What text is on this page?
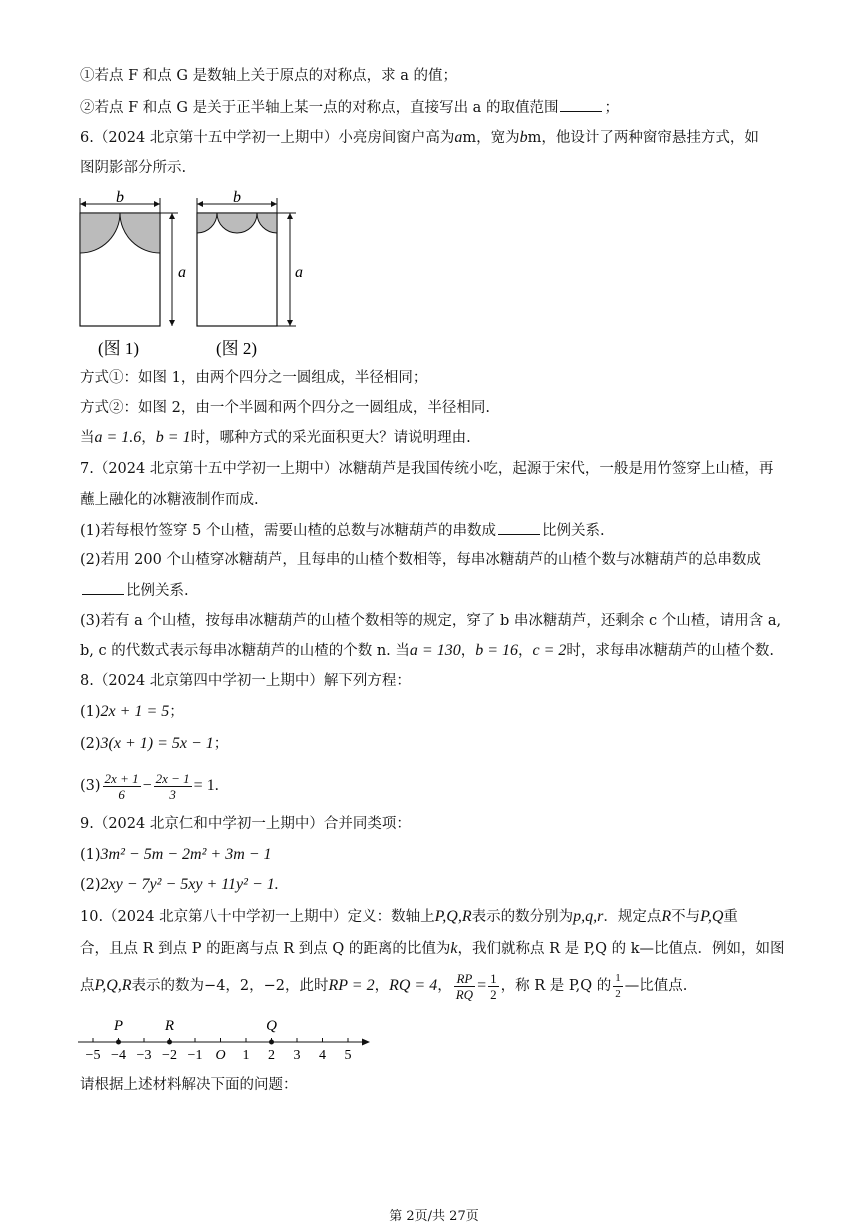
①若点 F 和点 G 是数轴上关于原点的对称点，求 a 的值；
②若点 F 和点 G 是关于正半轴上某一点的对称点，直接写出 a 的取值范围	；
6.（2024 北京第十五中学初一上期中）小亮房间窗户高为am，宽为bm，他设计了两种窗帘悬挂方式，如
图阴影部分所示.
b
a
(图 1)
b
a
(图 2)
方式①：如图 1，由两个四分之一圆组成，半径相同；
方式②：如图 2，由一个半圆和两个四分之一圆组成，半径相同.
当a = 1.6，b = 1时，哪种方式的采光面积更大？请说明理由.
7.（2024 北京第十五中学初一上期中）冰糖葫芦是我国传统小吃，起源于宋代，一般是用竹签穿上山楂，再
蘸上融化的冰糖液制作而成.
(1)若每根竹签穿 5 个山楂，需要山楂的总数与冰糖葫芦的串数成	比例关系.
(2)若用 200 个山楂穿冰糖葫芦，且每串的山楂个数相等，每串冰糖葫芦的山楂个数与冰糖葫芦的总串数成
比例关系.
(3)若有 a 个山楂，按每串冰糖葫芦的山楂个数相等的规定，穿了 b 串冰糖葫芦，还剩余 c 个山楂，请用含 a,
b, c 的代数式表示每串冰糖葫芦的山楂的个数 n. 当a = 130，b = 16，c = 2时，求每串冰糖葫芦的山楂个数.
8.（2024 北京第四中学初一上期中）解下列方程：
(1)2x + 1 = 5；
(2)3(x + 1) = 5x − 1；
$(3) \frac{2x + 1}{6} - \frac{2x - 1}{3} = 1$.
9.（2024 北京仁和中学初一上期中）合并同类项：
(1)3m² − 5m − 2m² + 3m − 1
(2)2xy − 7y² − 5xy + 11y² − 1.
10.（2024 北京第八十中学初一上期中）定义：数轴上P,Q,R表示的数分别为p,q,r．规定点R不与P,Q重
合，且点 R 到点 P 的距离与点 R 到点 Q 的距离的比值为k，我们就称点 R 是 P,Q 的 k—比值点．例如，如图
点P,Q,R表示的数为−4，2，−2，此时RP = 2，RQ = 4， $\frac{RP}{RQ} = \frac{1}{2}$ ，称 R 是 P,Q 的 $\frac{1}{2}$ —比值点.
−5 −4 −3 −2 −1 O 1 2 3 4 5
P	R	Q
请根据上述材料解决下面的问题：
第 2页/共 27页
